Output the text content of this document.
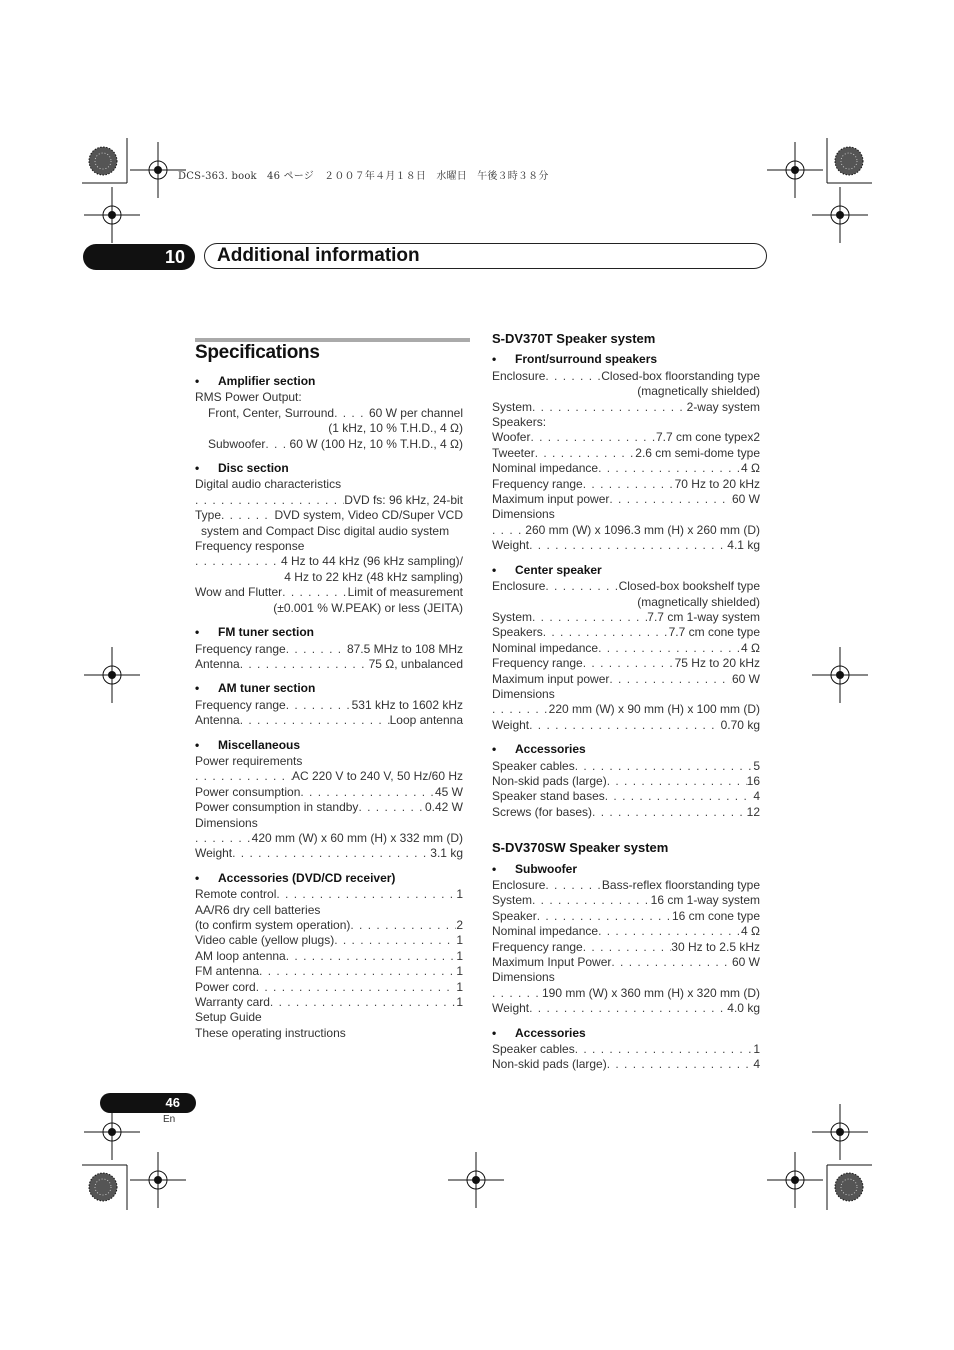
DCS-363. book　46 ページ　２００７年４月１８日　水曜日　午後３時３８分
10	Additional information
Specifications
• Amplifier section
RMS Power Output:
Front, Center, Surround . . .	60 W per channel
(1 kHz, 10 % T.H.D., 4 Ω)
Subwoofer . . . 60 W (100 Hz, 10 % T.H.D., 4 Ω)
• Disc section
Digital audio characteristics
. . .
DVD fs: 96 kHz, 24-bit
Type . . .	DVD system, Video CD/Super VCD
system and Compact Disc digital audio system
Frequency response
. . .
4 Hz to 44 kHz (96 kHz sampling)/
4 Hz to 22 kHz (48 kHz sampling)
Wow and Flutter . . .	Limit of measurement
(±0.001 % W.PEAK) or less (JEITA)
• FM tuner section
Frequency range . . .	87.5 MHz to 108 MHz
Antenna . . .	75 Ω, unbalanced
• AM tuner section
Frequency range . . .	531 kHz to 1602 kHz
Antenna . . .	Loop antenna
• Miscellaneous
Power requirements
. . .
AC 220 V to 240 V, 50 Hz/60 Hz
Power consumption . . .	45 W
Power consumption in standby . . .	0.42 W
Dimensions
. . .
420 mm (W) x 60 mm (H) x 332 mm (D)
Weight . . .	3.1 kg
• Accessories (DVD/CD receiver)
Remote control . . .	1
AA/R6 dry cell batteries
(to confirm system operation) . . .	2
Video cable (yellow plugs) . . .	1
AM loop antenna . . .	1
FM antenna . . .	1
Power cord . . .	1
Warranty card . . .	1
Setup Guide
These operating instructions
S-DV370T Speaker system
• Front/surround speakers
Enclosure . . .	Closed-box floorstanding type
(magnetically shielded)
System . . .	2-way system
Speakers:
Woofer . . .	7.7 cm cone typex2
Tweeter . . .	2.6 cm semi-dome type
Nominal impedance . . .	4 Ω
Frequency range . . .	70 Hz to 20 kHz
Maximum input power . . .	60 W
Dimensions
. . .
260 mm (W) x 1096.3 mm (H) x 260 mm (D)
Weight . . .	4.1 kg
• Center speaker
Enclosure . . .	Closed-box bookshelf type
(magnetically shielded)
System . . .	7.7 cm 1-way system
Speakers . . .	7.7 cm cone type
Nominal impedance . . .	4 Ω
Frequency range . . .	75 Hz to 20 kHz
Maximum input power . . .	60 W
Dimensions
. . .
220 mm (W) x 90 mm (H) x 100 mm (D)
Weight . . .	0.70 kg
• Accessories
Speaker cables . . .	5
Non-skid pads (large) . . .	16
Speaker stand bases . . .	4
Screws (for bases) . . .	12
S-DV370SW Speaker system
• Subwoofer
Enclosure . . .	Bass-reflex floorstanding type
System . . .	16 cm 1-way system
Speaker . . .	16 cm cone type
Nominal impedance . . .	4 Ω
Frequency range . . .	30 Hz to 2.5 kHz
Maximum Input Power . . .	60 W
Dimensions
. . .
190 mm (W) x 360 mm (H) x 320 mm (D)
Weight . . .	4.0 kg
• Accessories
Speaker cables . . .	1
Non-skid pads (large) . . .	4
46
En
